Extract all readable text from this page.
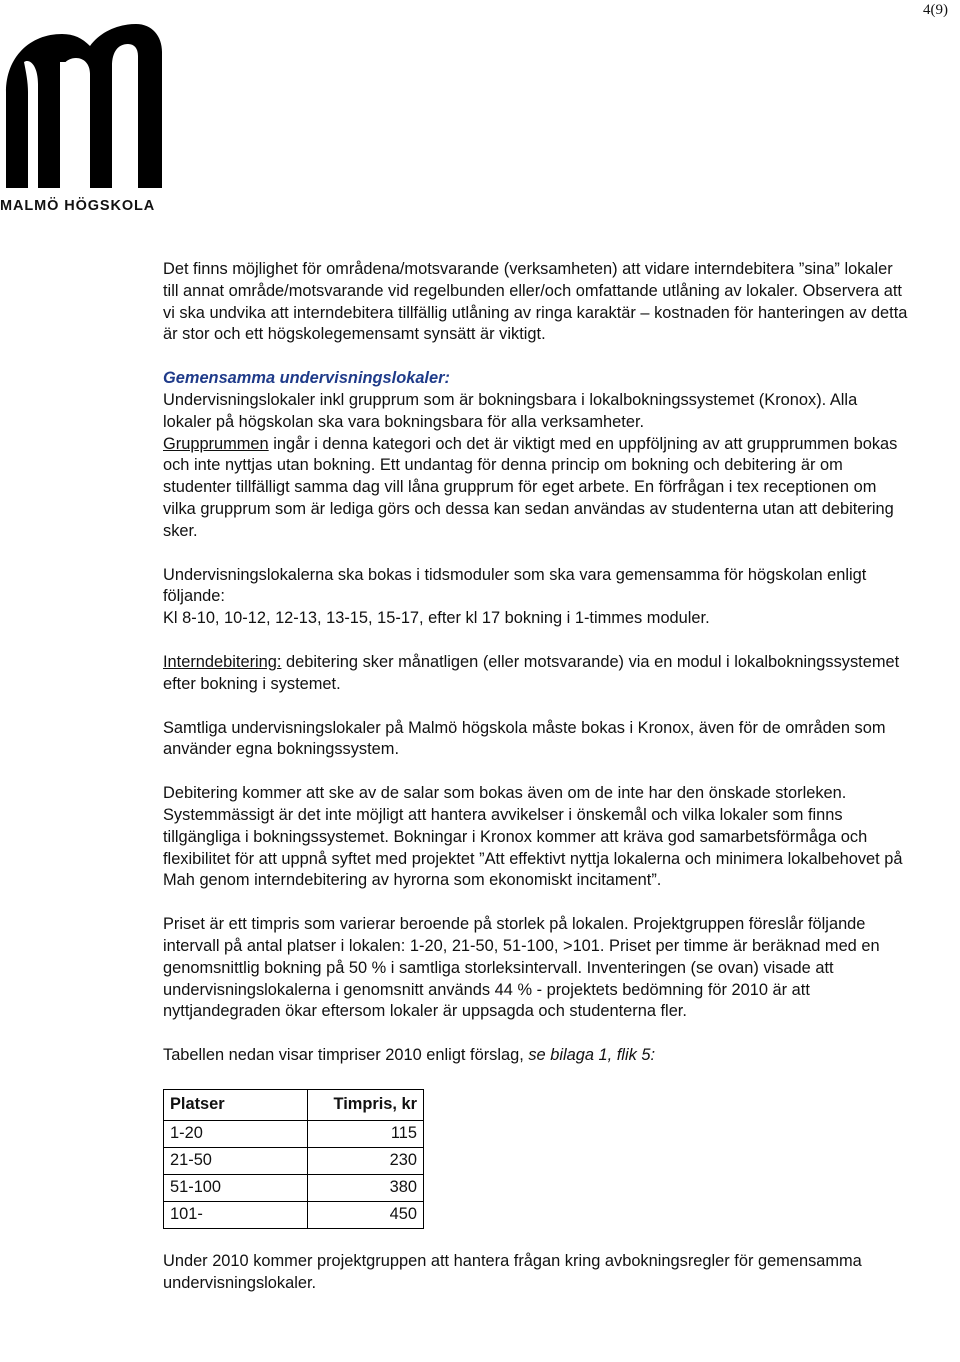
4(9)
MALMÖ HÖGSKOLA

Det finns möjlighet för områdena/motsvarande (verksamheten) att vidare interndebitera ”sina” lokaler till annat område/motsvarande vid regelbunden eller/och omfattande utlåning av lokaler. Observera att vi ska undvika att interndebitera tillfällig utlåning av ringa karaktär – kostnaden för hanteringen av detta är stor och ett högskolegemensamt synsätt är viktigt.

Gemensamma undervisningslokaler:
Undervisningslokaler inkl grupprum som är bokningsbara i lokalbokningssystemet (Kronox). Alla lokaler på högskolan ska vara bokningsbara för alla verksamheter.
Grupprummen ingår i denna kategori och det är viktigt med en uppföljning av att grupprummen bokas och inte nyttjas utan bokning. Ett undantag för denna princip om bokning och debitering är om studenter tillfälligt samma dag vill låna grupprum för eget arbete. En förfrågan i tex receptionen om vilka grupprum som är lediga görs och dessa kan sedan användas av studenterna utan att debitering sker.

Undervisningslokalerna ska bokas i tidsmoduler som ska vara gemensamma för högskolan enligt följande:
Kl 8-10, 10-12, 12-13, 13-15, 15-17, efter kl 17 bokning i 1-timmes moduler.

Interndebitering: debitering sker månatligen (eller motsvarande) via en modul i lokalbokningssystemet efter bokning i systemet.

Samtliga undervisningslokaler på Malmö högskola måste bokas i Kronox, även för de områden som använder egna bokningssystem.

Debitering kommer att ske av de salar som bokas även om de inte har den önskade storleken. Systemmässigt är det inte möjligt att hantera avvikelser i önskemål och vilka lokaler som finns tillgängliga i bokningssystemet. Bokningar i Kronox kommer att kräva god samarbetsförmåga och flexibilitet för att uppnå syftet med projektet ”Att effektivt nyttja lokalerna och minimera lokalbehovet på Mah genom interndebitering av hyrorna som ekonomiskt incitament”.

Priset är ett timpris som varierar beroende på storlek på lokalen. Projektgruppen föreslår följande intervall på antal platser i lokalen: 1-20, 21-50, 51-100, >101. Priset per timme är beräknad med en genomsnittlig bokning på 50 % i samtliga storleksintervall. Inventeringen (se ovan) visade att undervisningslokalerna i genomsnitt används 44 % - projektets bedömning för 2010 är att nyttjandegraden ökar eftersom lokaler är uppsagda och studenterna fler.

Tabellen nedan visar timpriser 2010 enligt förslag, se bilaga 1, flik 5:

Platser	Timpris, kr
1-20	115
21-50	230
51-100	380
101-	450

Under 2010 kommer projektgruppen att hantera frågan kring avbokningsregler för gemensamma undervisningslokaler.
